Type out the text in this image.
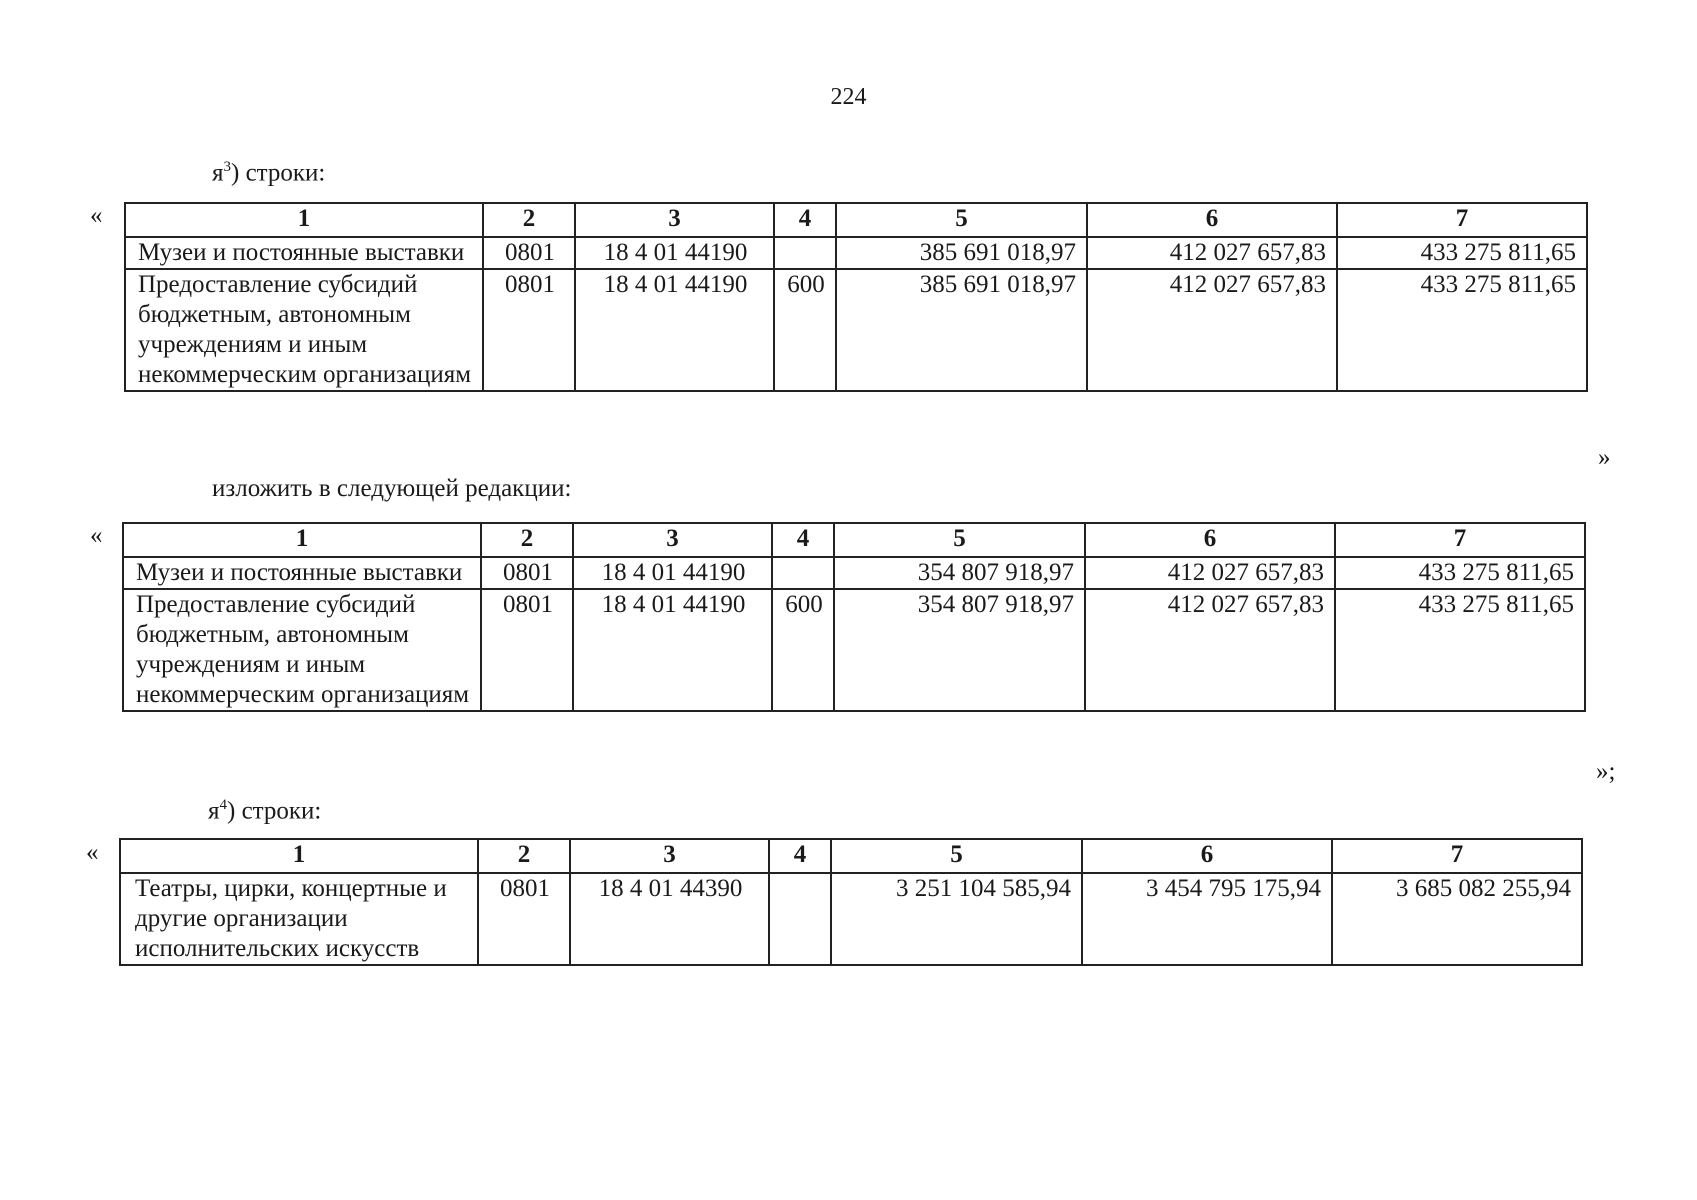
224
$я^3$) строки:
«	1	2	3	4	5	6	7
Музеи и постоянные выставки	0801	18 4 01 44190		385 691 018,97	412 027 657,83	433 275 811,65
Предоставление субсидий бюджетным, автономным учреждениям и иным некоммерческим организациям	0801	18 4 01 44190	600	385 691 018,97	412 027 657,83	433 275 811,65
»
изложить в следующей редакции:
«	1	2	3	4	5	6	7
Музеи и постоянные выставки	0801	18 4 01 44190		354 807 918,97	412 027 657,83	433 275 811,65
Предоставление субсидий бюджетным, автономным учреждениям и иным некоммерческим организациям	0801	18 4 01 44190	600	354 807 918,97	412 027 657,83	433 275 811,65
»;
$я^4$) строки:
«	1	2	3	4	5	6	7
Театры, цирки, концертные и другие организации исполнительских искусств	0801	18 4 01 44390		3 251 104 585,94	3 454 795 175,94	3 685 082 255,94
